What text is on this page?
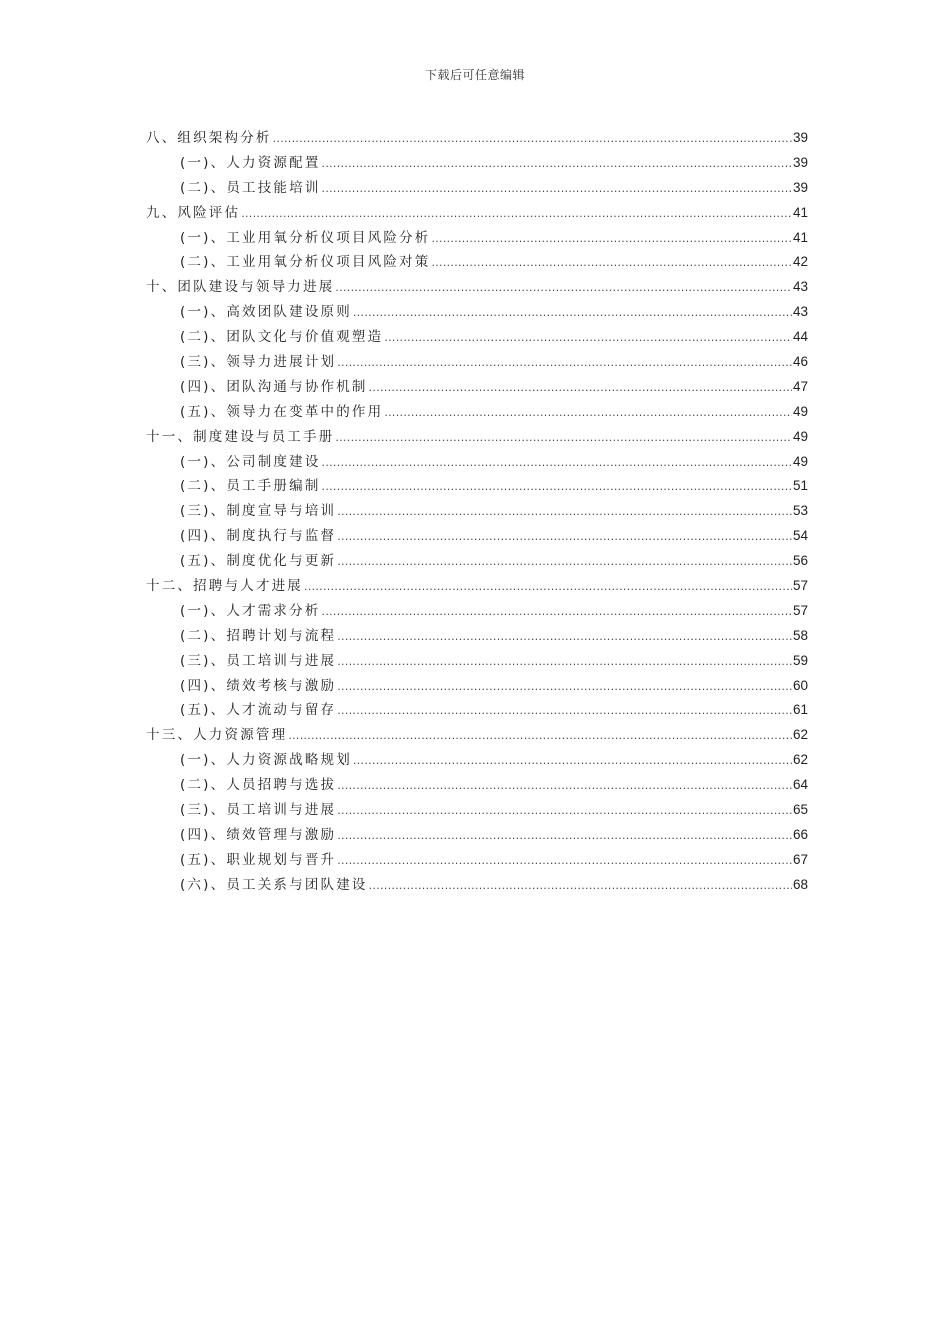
下载后可任意编辑
八、组织架构分析 .....	39
(一)、人力资源配置 .....	39
(二)、员工技能培训 .....	39
九、风险评估 .....	41
(一)、工业用氧分析仪项目风险分析 .....	41
(二)、工业用氧分析仪项目风险对策 .....	42
十、团队建设与领导力进展 .....	43
(一)、高效团队建设原则 .....	43
(二)、团队文化与价值观塑造 .....	44
(三)、领导力进展计划 .....	46
(四)、团队沟通与协作机制 .....	47
(五)、领导力在变革中的作用 .....	49
十一、制度建设与员工手册 .....	49
(一)、公司制度建设 .....	49
(二)、员工手册编制 .....	51
(三)、制度宣导与培训 .....	53
(四)、制度执行与监督 .....	54
(五)、制度优化与更新 .....	56
十二、招聘与人才进展 .....	57
(一)、人才需求分析 .....	57
(二)、招聘计划与流程 .....	58
(三)、员工培训与进展 .....	59
(四)、绩效考核与激励 .....	60
(五)、人才流动与留存 .....	61
十三、人力资源管理 .....	62
(一)、人力资源战略规划 .....	62
(二)、人员招聘与选拔 .....	64
(三)、员工培训与进展 .....	65
(四)、绩效管理与激励 .....	66
(五)、职业规划与晋升 .....	67
(六)、员工关系与团队建设 .....	68
